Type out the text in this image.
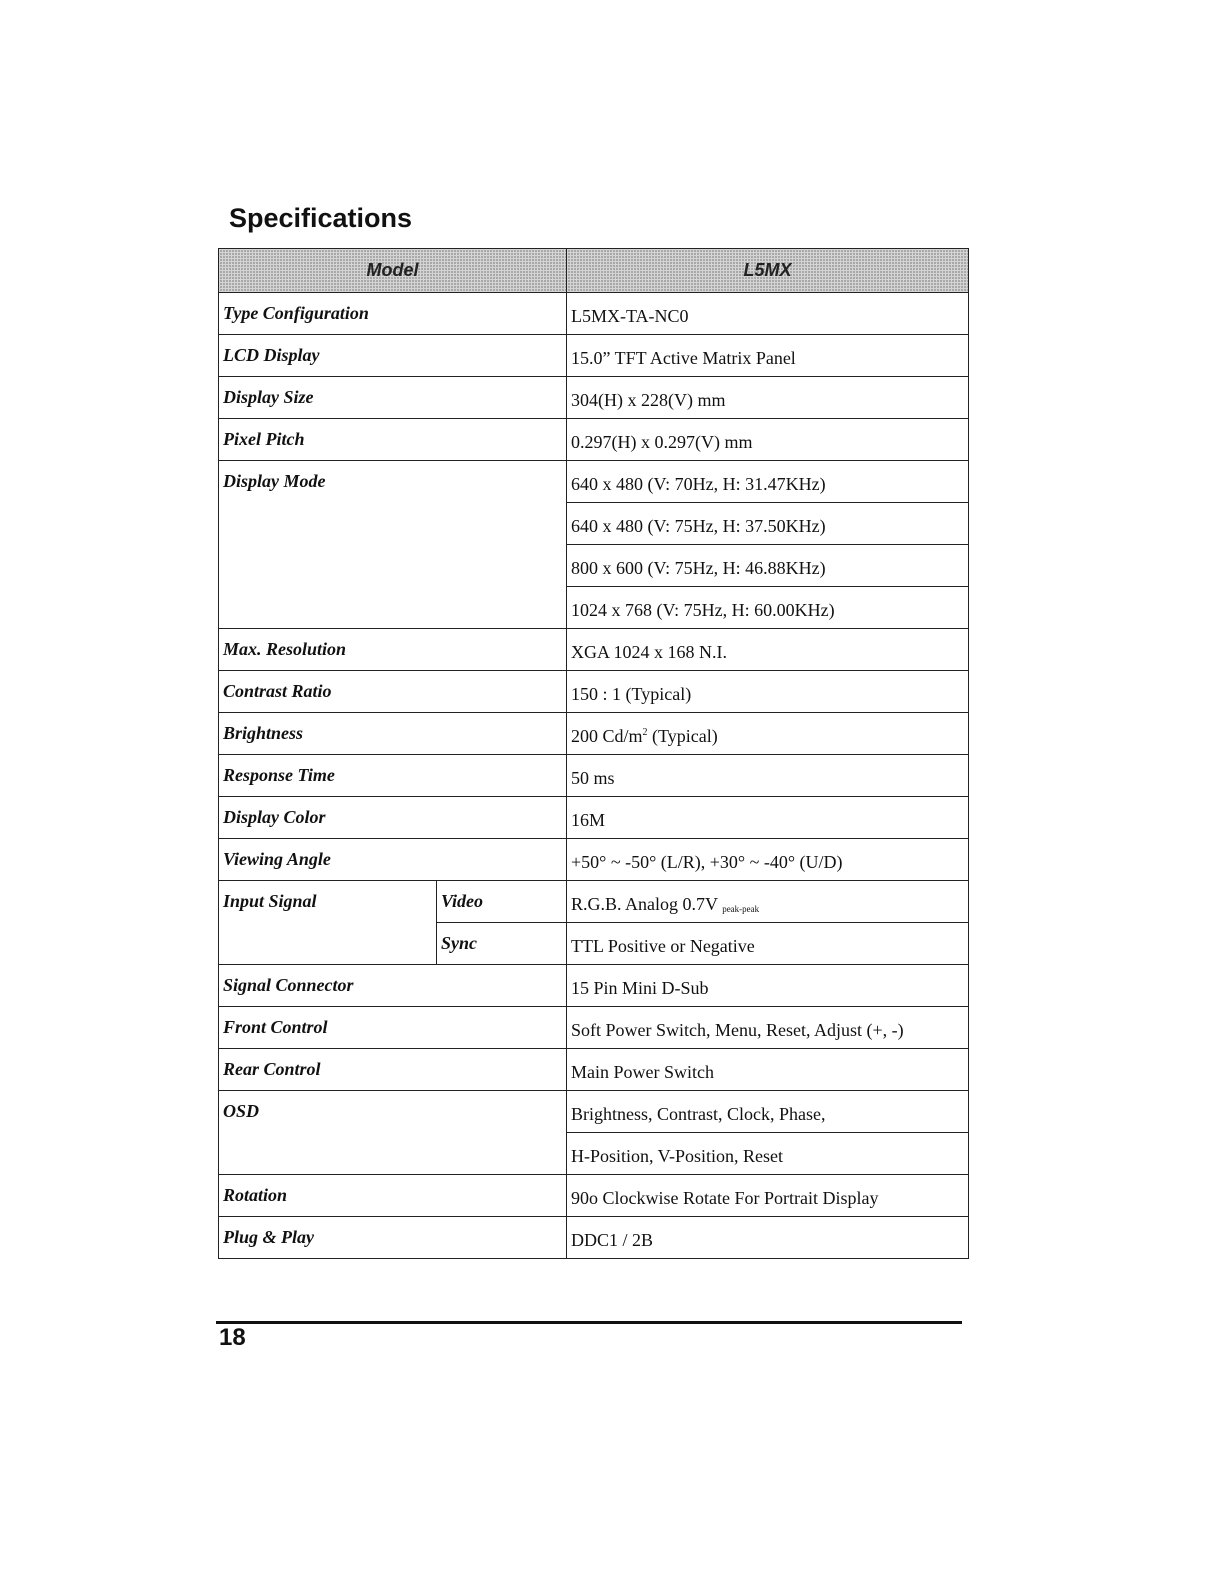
Specifications
Model		L5MX
Type Configuration		L5MX-TA-NC0
LCD Display		15.0” TFT Active Matrix Panel
Display Size		304(H) x 228(V) mm
Pixel Pitch		0.297(H) x 0.297(V) mm
Display Mode		640 x 480 (V: 70Hz, H: 31.47KHz)
		640 x 480 (V: 75Hz, H: 37.50KHz)
		800 x 600 (V: 75Hz, H: 46.88KHz)
		1024 x 768 (V: 75Hz, H: 60.00KHz)
Max. Resolution		XGA 1024 x 168 N.I.
Contrast Ratio		150 : 1 (Typical)
Brightness		200 $Cd/m^2$ (Typical)
Response Time		50 ms
Display Color		16M
Viewing Angle		+50° ~ -50° (L/R), +30° ~ -40° (U/D)
Input Signal	Video	R.G.B. Analog 0.7V $_{peak-peak}$
	Sync	TTL Positive or Negative
Signal Connector		15 Pin Mini D-Sub
Front Control		Soft Power Switch, Menu, Reset, Adjust (+, -)
Rear Control		Main Power Switch
OSD		Brightness, Contrast, Clock, Phase,
		H-Position, V-Position, Reset
Rotation		90o Clockwise Rotate For Portrait Display
Plug & Play		DDC1 / 2B
18
